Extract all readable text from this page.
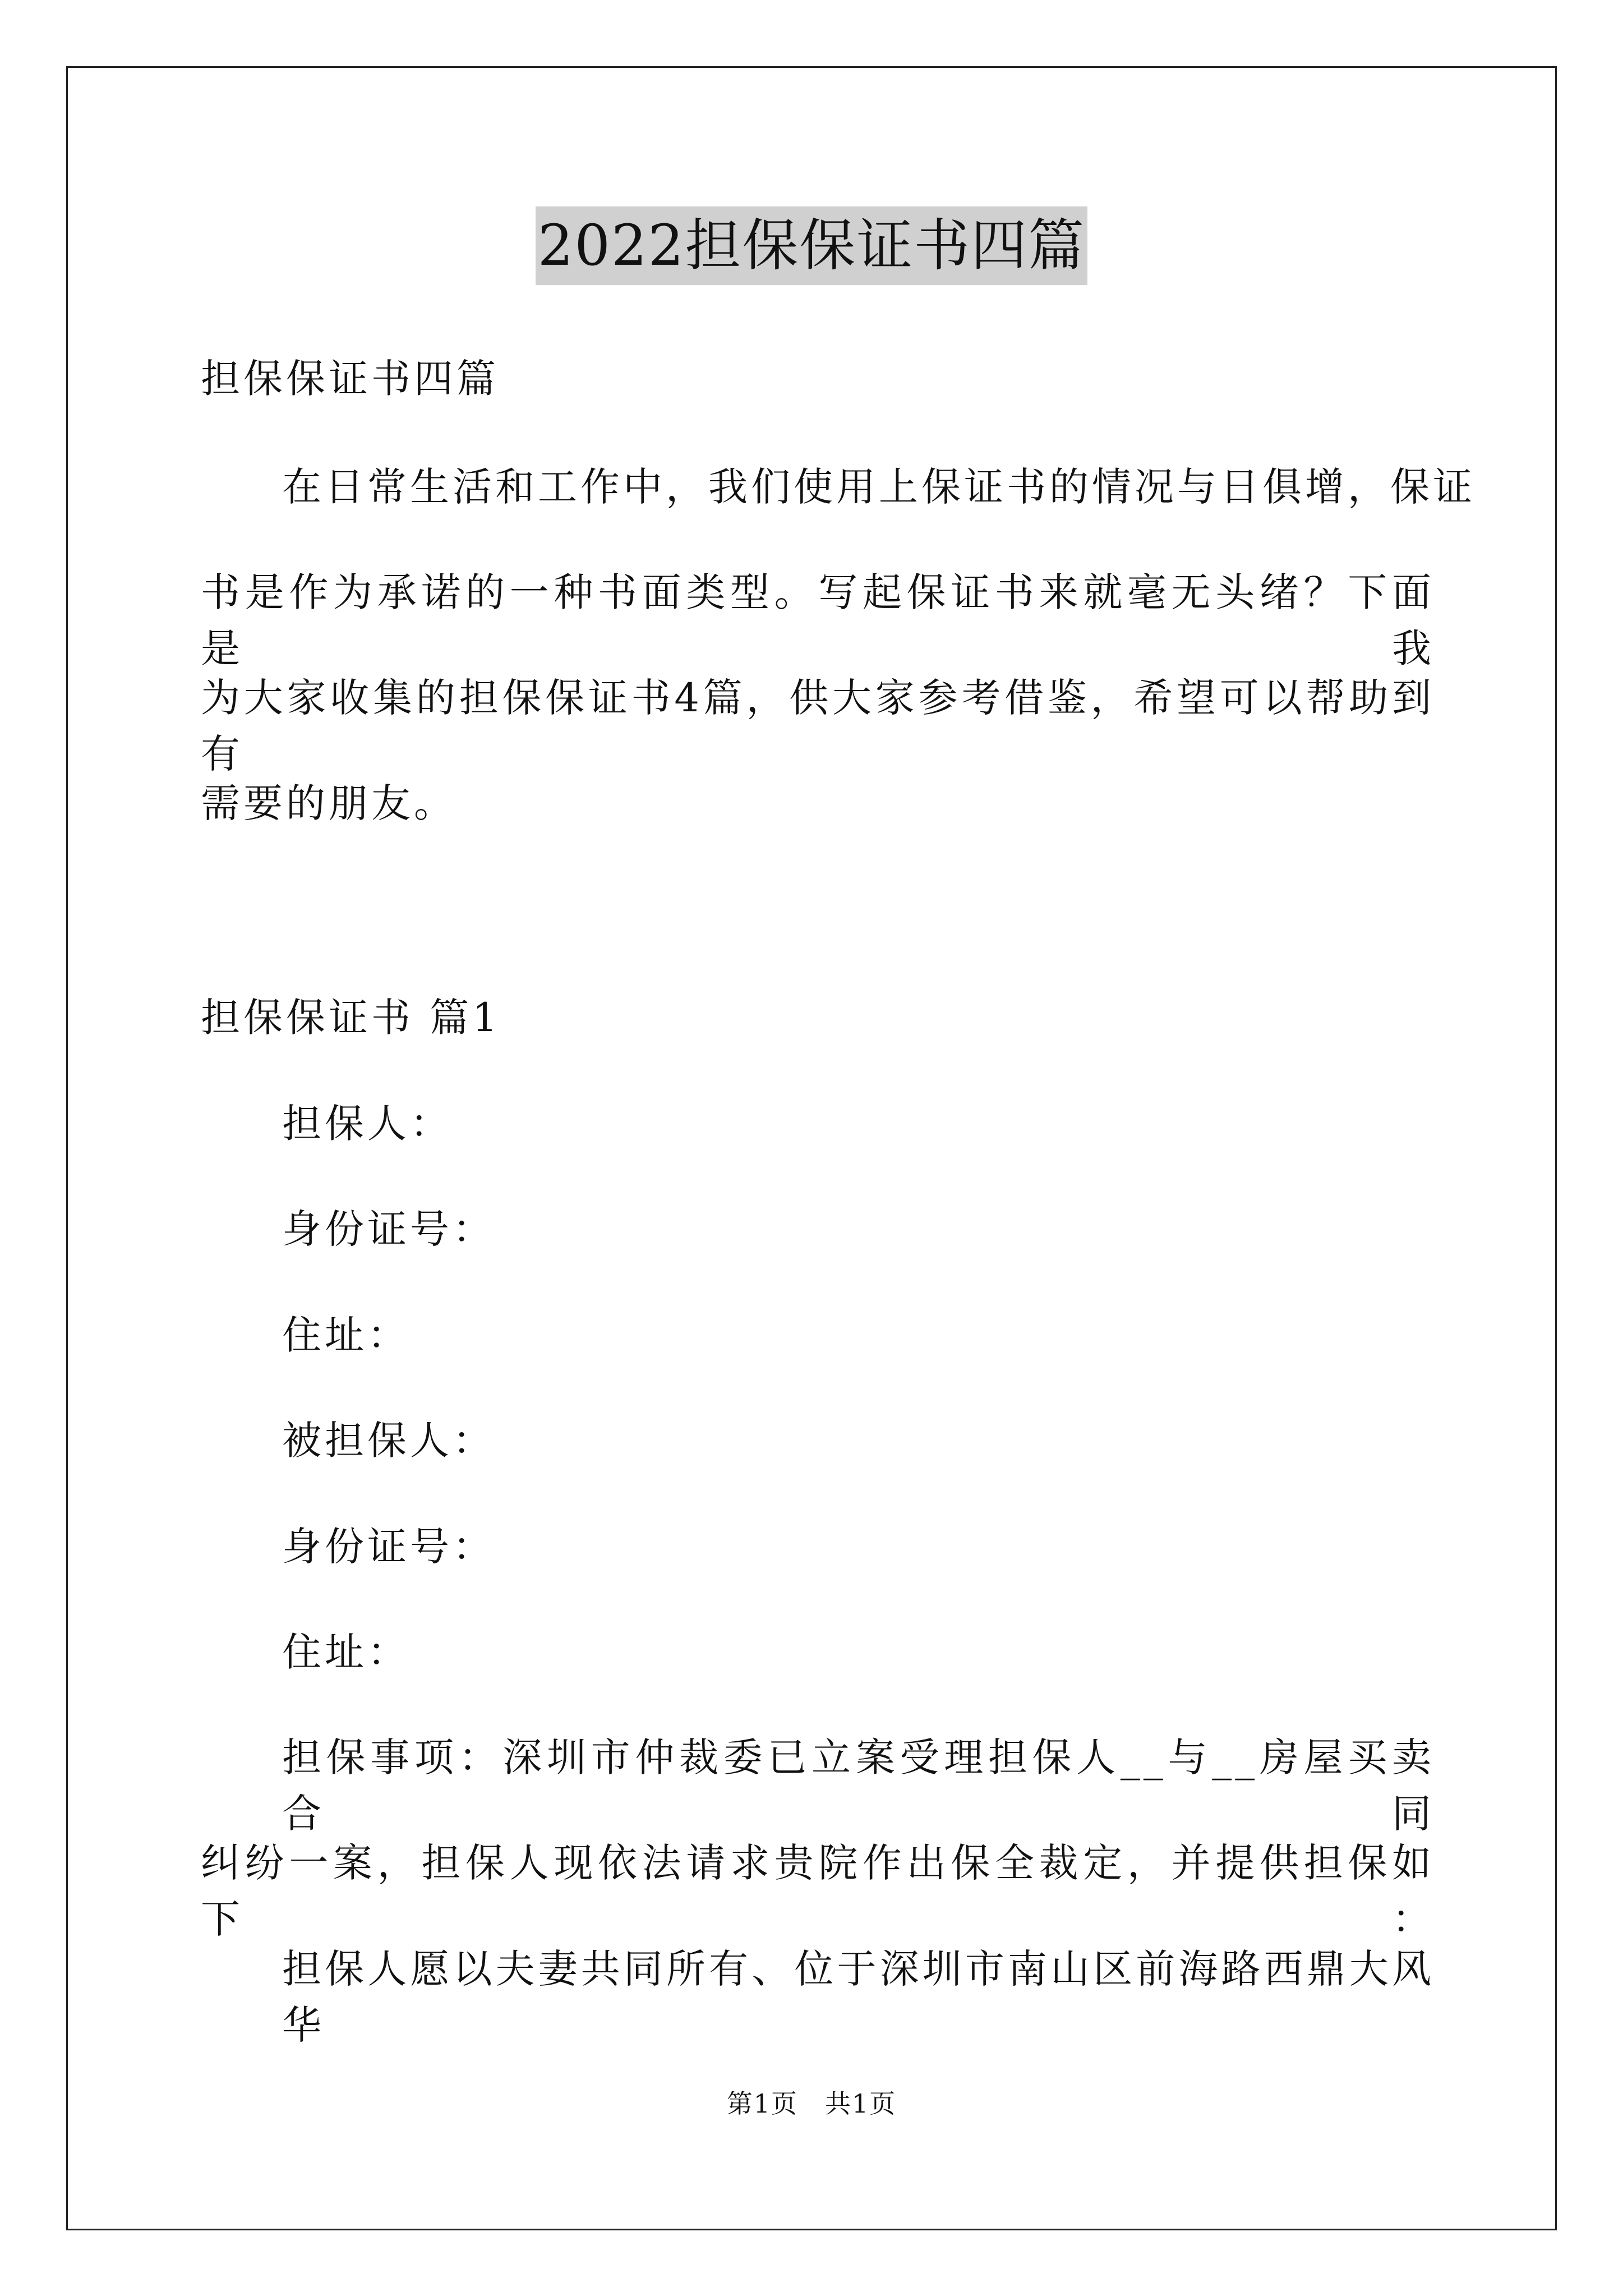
2022担保保证书四篇
担保保证书四篇
在日常生活和工作中，我们使用上保证书的情况与日俱增，保证
书是作为承诺的一种书面类型。写起保证书来就毫无头绪？下面是我
为大家收集的担保保证书4篇，供大家参考借鉴，希望可以帮助到有
需要的朋友。
担保保证书 篇1
担保人：
身份证号：
住址：
被担保人：
身份证号：
住址：
担保事项：深圳市仲裁委已立案受理担保人__与__房屋买卖合同
纠纷一案，担保人现依法请求贵院作出保全裁定，并提供担保如下：
担保人愿以夫妻共同所有、位于深圳市南山区前海路西鼎大风华
第1页　共1页
